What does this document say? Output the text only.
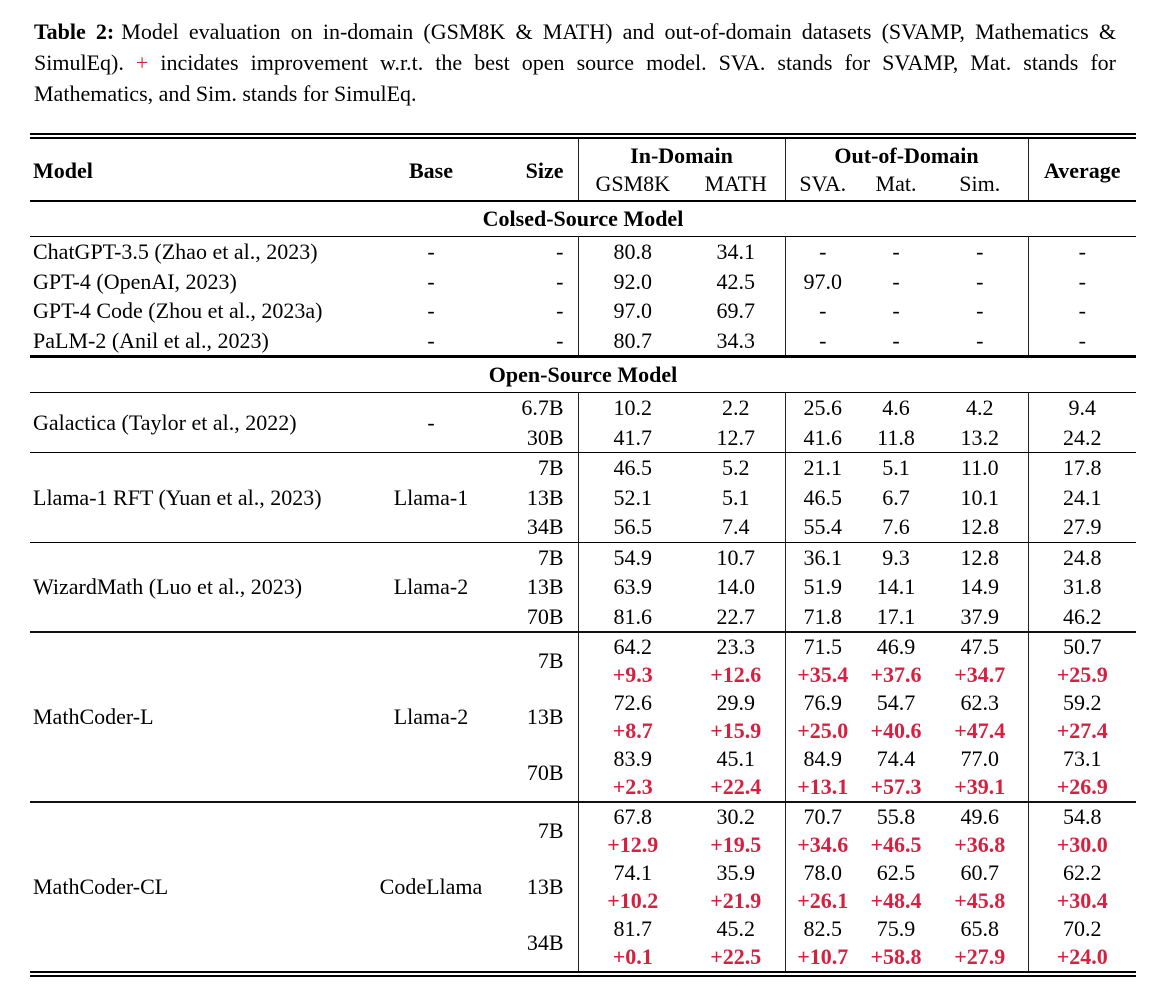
Table 2: Model evaluation on in-domain (GSM8K & MATH) and out-of-domain datasets (SVAMP, Mathematics & SimulEq). + incidates improvement w.r.t. the best open source model. SVA. stands for SVAMP, Mat. stands for Mathematics, and Sim. stands for SimulEq.

Model	Base	Size	In-Domain		Out-of-Domain			Average
			GSM8K	MATH	SVA.	Mat.	Sim.	
Colsed-Source Model								
ChatGPT-3.5 (Zhao et al., 2023)	-	-	80.8	34.1	-	-	-	-
GPT-4 (OpenAI, 2023)	-	-	92.0	42.5	97.0	-	-	-
GPT-4 Code (Zhou et al., 2023a)	-	-	97.0	69.7	-	-	-	-
PaLM-2 (Anil et al., 2023)	-	-	80.7	34.3	-	-	-	-
Open-Source Model								
Galactica (Taylor et al., 2022)	-	6.7B	10.2	2.2	25.6	4.6	4.2	9.4
		30B	41.7	12.7	41.6	11.8	13.2	24.2
Llama-1 RFT (Yuan et al., 2023)	Llama-1	7B	46.5	5.2	21.1	5.1	11.0	17.8
		13B	52.1	5.1	46.5	6.7	10.1	24.1
		34B	56.5	7.4	55.4	7.6	12.8	27.9
WizardMath (Luo et al., 2023)	Llama-2	7B	54.9	10.7	36.1	9.3	12.8	24.8
		13B	63.9	14.0	51.9	14.1	14.9	31.8
		70B	81.6	22.7	71.8	17.1	37.9	46.2
MathCoder-L	Llama-2	7B	64.2	23.3	71.5	46.9	47.5	50.7
			+9.3	+12.6	+35.4	+37.6	+34.7	+25.9
		13B	72.6	29.9	76.9	54.7	62.3	59.2
			+8.7	+15.9	+25.0	+40.6	+47.4	+27.4
		70B	83.9	45.1	84.9	74.4	77.0	73.1
			+2.3	+22.4	+13.1	+57.3	+39.1	+26.9
MathCoder-CL	CodeLlama	7B	67.8	30.2	70.7	55.8	49.6	54.8
			+12.9	+19.5	+34.6	+46.5	+36.8	+30.0
		13B	74.1	35.9	78.0	62.5	60.7	62.2
			+10.2	+21.9	+26.1	+48.4	+45.8	+30.4
		34B	81.7	45.2	82.5	75.9	65.8	70.2
			+0.1	+22.5	+10.7	+58.8	+27.9	+24.0
